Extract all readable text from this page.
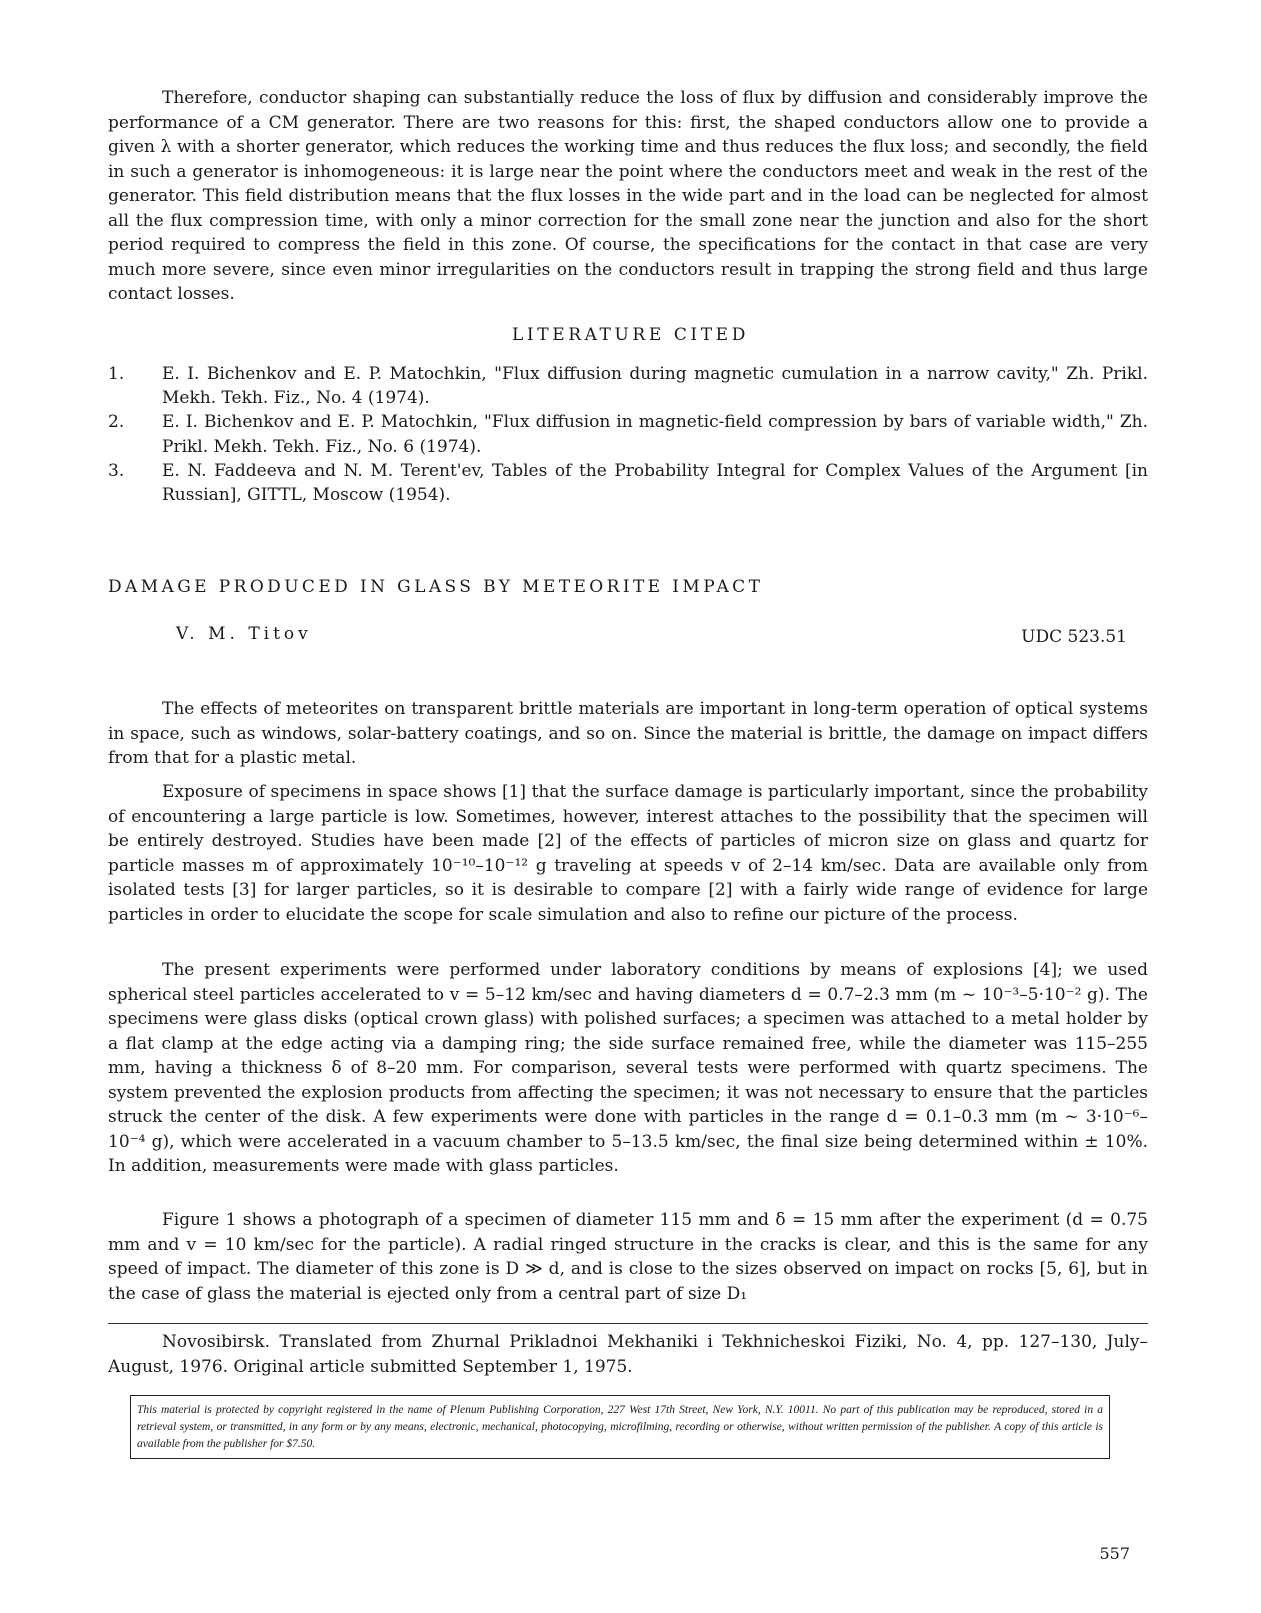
Therefore, conductor shaping can substantially reduce the loss of flux by diffusion and considerably improve the performance of a CM generator. There are two reasons for this: first, the shaped conductors allow one to provide a given λ with a shorter generator, which reduces the working time and thus reduces the flux loss; and secondly, the field in such a generator is inhomogeneous: it is large near the point where the conductors meet and weak in the rest of the generator. This field distribution means that the flux losses in the wide part and in the load can be neglected for almost all the flux compression time, with only a minor correction for the small zone near the junction and also for the short period required to compress the field in this zone. Of course, the specifications for the contact in that case are very much more severe, since even minor irregularities on the conductors result in trapping the strong field and thus large contact losses.

LITERATURE CITED
1. E. I. Bichenkov and E. P. Matochkin, "Flux diffusion during magnetic cumulation in a narrow cavity," Zh. Prikl. Mekh. Tekh. Fiz., No. 4 (1974).
2. E. I. Bichenkov and E. P. Matochkin, "Flux diffusion in magnetic-field compression by bars of variable width," Zh. Prikl. Mekh. Tekh. Fiz., No. 6 (1974).
3. E. N. Faddeeva and N. M. Terent'ev, Tables of the Probability Integral for Complex Values of the Argument [in Russian], GITTL, Moscow (1954).
DAMAGE PRODUCED IN GLASS BY METEORITE IMPACT
V. M. Titov	UDC 523.51

The effects of meteorites on transparent brittle materials are important in long-term operation of optical systems in space, such as windows, solar-battery coatings, and so on. Since the material is brittle, the damage on impact differs from that for a plastic metal.

Exposure of specimens in space shows [1] that the surface damage is particularly important, since the probability of encountering a large particle is low. Sometimes, however, interest attaches to the possibility that the specimen will be entirely destroyed. Studies have been made [2] of the effects of particles of micron size on glass and quartz for particle masses m of approximately 10⁻¹⁰–10⁻¹² g traveling at speeds v of 2–14 km/sec. Data are available only from isolated tests [3] for larger particles, so it is desirable to compare [2] with a fairly wide range of evidence for large particles in order to elucidate the scope for scale simulation and also to refine our picture of the process.

The present experiments were performed under laboratory conditions by means of explosions [4]; we used spherical steel particles accelerated to v = 5–12 km/sec and having diameters d = 0.7–2.3 mm (m ~ 10⁻³–5·10⁻² g). The specimens were glass disks (optical crown glass) with polished surfaces; a specimen was attached to a metal holder by a flat clamp at the edge acting via a damping ring; the side surface remained free, while the diameter was 115–255 mm, having a thickness δ of 8–20 mm. For comparison, several tests were performed with quartz specimens. The system prevented the explosion products from affecting the specimen; it was not necessary to ensure that the particles struck the center of the disk. A few experiments were done with particles in the range d = 0.1–0.3 mm (m ~ 3·10⁻⁶– 10⁻⁴ g), which were accelerated in a vacuum chamber to 5–13.5 km/sec, the final size being determined within ± 10%. In addition, measurements were made with glass particles.

Figure 1 shows a photograph of a specimen of diameter 115 mm and δ = 15 mm after the experiment (d = 0.75 mm and v = 10 km/sec for the particle). A radial ringed structure in the cracks is clear, and this is the same for any speed of impact. The diameter of this zone is D ≫ d, and is close to the sizes observed on impact on rocks [5, 6], but in the case of glass the material is ejected only from a central part of size D₁

Novosibirsk. Translated from Zhurnal Prikladnoi Mekhaniki i Tekhnicheskoi Fiziki, No. 4, pp. 127–130, July–August, 1976. Original article submitted September 1, 1975.

This material is protected by copyright registered in the name of Plenum Publishing Corporation, 227 West 17th Street, New York, N.Y. 10011. No part of this publication may be reproduced, stored in a retrieval system, or transmitted, in any form or by any means, electronic, mechanical, photocopying, microfilming, recording or otherwise, without written permission of the publisher. A copy of this article is available from the publisher for $7.50.
557
